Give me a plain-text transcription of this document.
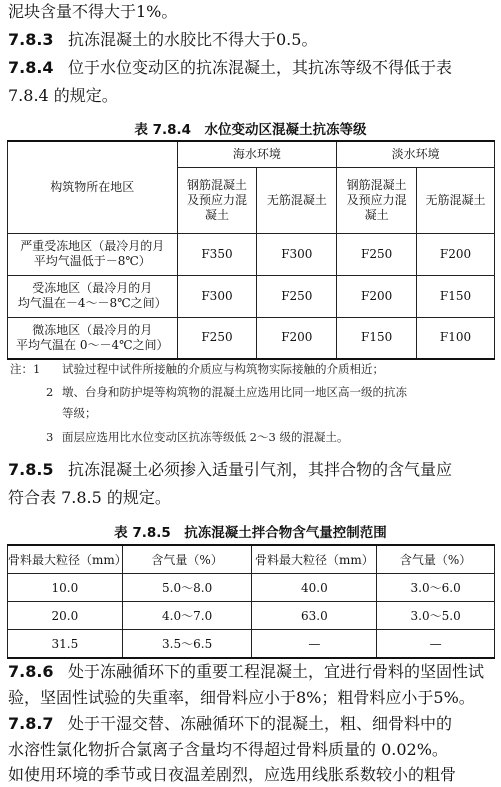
泥块含量不得大于1%。
7.8.3 抗冻混凝土的水胶比不得大于0.5。
7.8.4 位于水位变动区的抗冻混凝土，其抗冻等级不得低于表
7.8.4 的规定。
表 7.8.4　水位变动区混凝土抗冻等级
构筑物所在地区	海水环境		淡水环境	
	钢筋混凝土及预应力混凝土	无筋混凝土	钢筋混凝土及预应力混凝土	无筋混凝土
严重受冻地区（最冷月的月
平均气温低于－8℃）	F350	F300	F250	F200
受冻地区（最冷月的月
均气温在－4～－8℃之间）	F300	F250	F200	F150
微冻地区（最冷月的月
平均气温在 0～－4℃之间）	F250	F200	F150	F100
注：1 试验过程中试件所接触的介质应与构筑物实际接触的介质相近；
2 墩、台身和防护堤等构筑物的混凝土应选用比同一地区高一级的抗冻
等级；
3 面层应选用比水位变动区抗冻等级低 2～3 级的混凝土。
7.8.5 抗冻混凝土必须掺入适量引气剂，其拌合物的含气量应
符合表 7.8.5 的规定。
表 7.8.5　抗冻混凝土拌合物含气量控制范围
骨料最大粒径（mm）	含气量（%）	骨料最大粒径（mm）	含气量（%）
10.0	5.0～8.0	40.0	3.0～6.0
20.0	4.0～7.0	63.0	3.0～5.0
31.5	3.5～6.5	—	—
7.8.6 处于冻融循环下的重要工程混凝土，宜进行骨料的坚固性试
验，坚固性试验的失重率，细骨料应小于8%；粗骨料应小于5%。
7.8.7 处于干湿交替、冻融循环下的混凝土，粗、细骨料中的
水溶性氯化物折合氯离子含量均不得超过骨料质量的 0.02%。
如使用环境的季节或日夜温差剧烈，应选用线胀系数较小的粗骨
